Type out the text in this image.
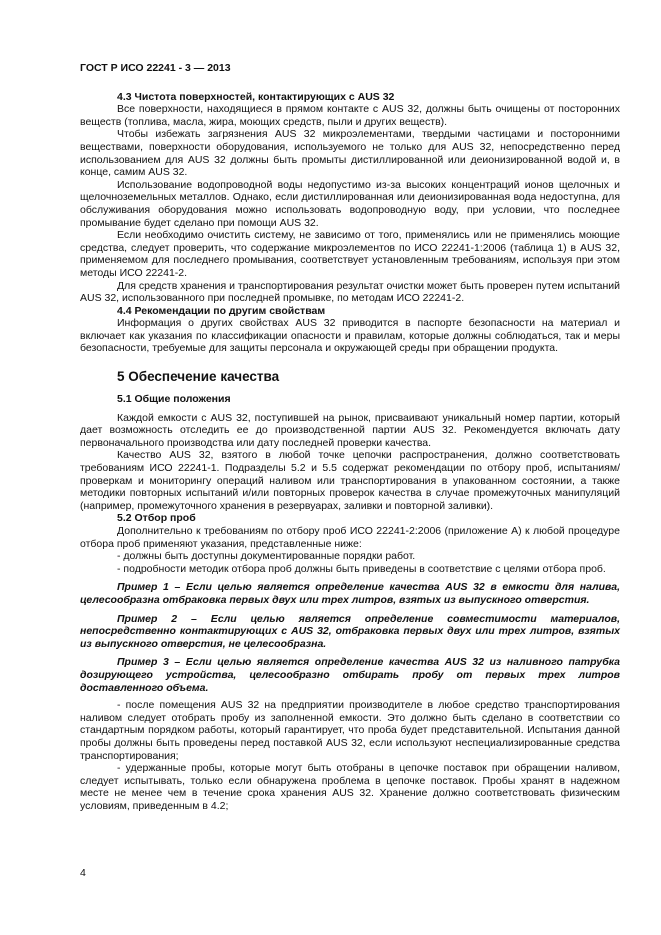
ГОСТ Р ИСО 22241 - 3 — 2013
4.3 Чистота поверхностей, контактирующих с AUS 32
Все поверхности, находящиеся в прямом контакте с AUS 32, должны быть очищены от посторонних веществ (топлива, масла, жира, моющих средств, пыли и других веществ).
Чтобы избежать загрязнения AUS 32 микроэлементами, твердыми частицами и посторонними веществами, поверхности оборудования, используемого не только для AUS 32, непосредственно перед использованием для AUS 32 должны быть промыты дистиллированной или деионизированной водой и, в конце, самим AUS 32.
Использование водопроводной воды недопустимо из-за высоких концентраций ионов щелочных и щелочноземельных металлов. Однако, если дистиллированная или деионизированная вода недоступна, для обслуживания оборудования можно использовать водопроводную воду, при условии, что последнее промывание будет сделано при помощи AUS 32.
Если необходимо очистить систему, не зависимо от того, применялись или не применялись моющие средства, следует проверить, что содержание микроэлементов по ИСО 22241-1:2006 (таблица 1) в AUS 32, применяемом для последнего промывания, соответствует установленным требованиям, используя при этом методы ИСО 22241-2.
Для средств хранения и транспортирования результат очистки может быть проверен путем испытаний AUS 32, использованного при последней промывке, по методам ИСО 22241-2.
4.4 Рекомендации по другим свойствам
Информация о других свойствах AUS 32 приводится в паспорте безопасности на материал и включает как указания по классификации опасности и правилам, которые должны соблюдаться, так и меры безопасности, требуемые для защиты персонала и окружающей среды при обращении продукта.
5 Обеспечение качества
5.1 Общие положения
Каждой емкости с AUS 32, поступившей на рынок, присваивают уникальный номер партии, который дает возможность отследить ее до производственной партии AUS 32. Рекомендуется включать дату первоначального производства или дату последней проверки качества.
Качество AUS 32, взятого в любой точке цепочки распространения, должно соответствовать требованиям ИСО 22241-1. Подразделы 5.2 и 5.5 содержат рекомендации по отбору проб, испытаниям/проверкам и мониторингу операций наливом или транспортирования в упакованном состоянии, а также методики повторных испытаний и/или повторных проверок качества в случае промежуточных манипуляций (например, промежуточного хранения в резервуарах, заливки и повторной заливки).
5.2 Отбор проб
Дополнительно к требованиям по отбору проб ИСО 22241-2:2006 (приложение А) к любой процедуре отбора проб применяют указания, представленные ниже:
- должны быть доступны документированные порядки работ.
- подробности методик отбора проб должны быть приведены в соответствие с целями отбора проб.
Пример 1 – Если целью является определение качества AUS 32 в емкости для налива, целесообразна отбраковка первых двух или трех литров, взятых из выпускного отверстия.
Пример 2 – Если целью является определение совместимости материалов, непосредственно контактирующих с AUS 32, отбраковка первых двух или трех литров, взятых из выпускного отверстия, не целесообразна.
Пример 3 – Если целью является определение качества AUS 32 из наливного патрубка дозирующего устройства, целесообразно отбирать пробу от первых трех литров доставленного объема.
- после помещения AUS 32 на предприятии производителе в любое средство транспортирования наливом следует отобрать пробу из заполненной емкости. Это должно быть сделано в соответствии со стандартным порядком работы, который гарантирует, что проба будет представительной. Испытания данной пробы должны быть проведены перед поставкой AUS 32, если используют неспециализированные средства транспортирования;
- удержанные пробы, которые могут быть отобраны в цепочке поставок при обращении наливом, следует испытывать, только если обнаружена проблема в цепочке поставок. Пробы хранят в надежном месте не менее чем в течение срока хранения AUS 32. Хранение должно соответствовать физическим условиям, приведенным в 4.2;
4
